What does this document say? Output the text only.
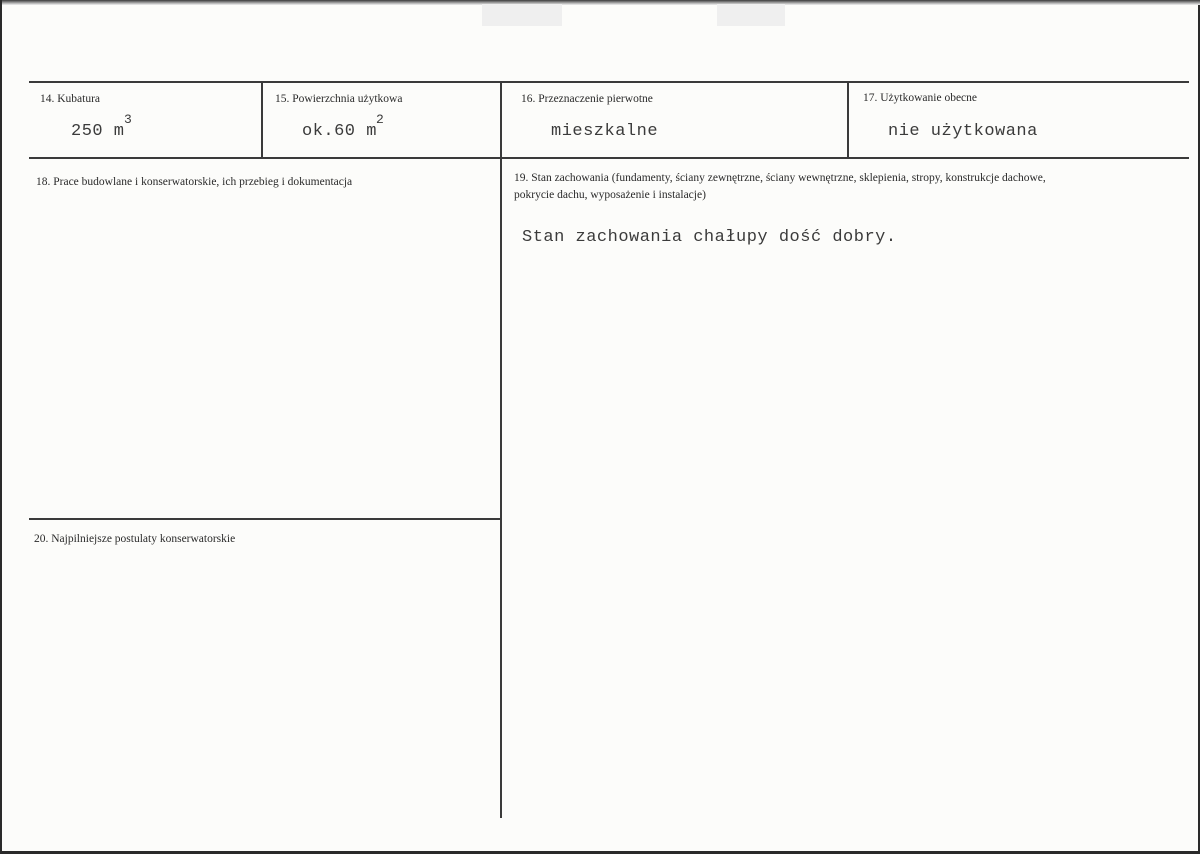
14. Kubatura
250 m
3
15. Powierzchnia użytkowa
ok.60 m
2
16. Przeznaczenie pierwotne
mieszkalne
17. Użytkowanie obecne
nie użytkowana
18. Prace budowlane i konserwatorskie, ich przebieg i dokumentacja	19. Stan zachowania (fundamenty, ściany zewnętrzne, ściany wewnętrzne, sklepienia, stropy, konstrukcje dachowe, pokrycie dachu, wyposażenie i instalacje)
Stan zachowania chałupy dość dobry.
20. Najpilniejsze postulaty konserwatorskie
